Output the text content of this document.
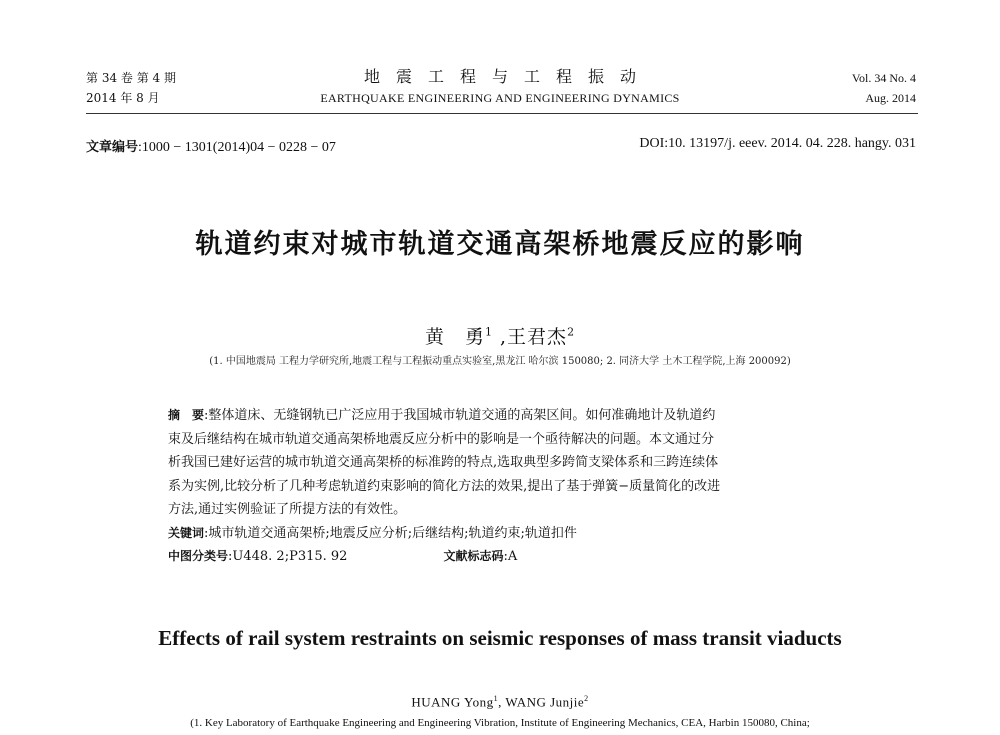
第 34 卷 第 4 期
2014 年 8 月
地震工程与工程振动
EARTHQUAKE ENGINEERING AND ENGINEERING DYNAMICS
Vol. 34 No. 4
Aug. 2014
文章编号:1000 − 1301(2014)04 − 0228 − 07	DOI:10. 13197/j. eeev. 2014. 04. 228. hangy. 031
轨道约束对城市轨道交通高架桥地震反应的影响
黄　勇$^1$ ,王君杰$^2$
(1. 中国地震局 工程力学研究所,地震工程与工程振动重点实验室,黑龙江 哈尔滨 150080; 2. 同济大学 土木工程学院,上海 200092)
摘　要:整体道床、无缝钢轨已广泛应用于我国城市轨道交通的高架区间。如何准确地计及轨道约
束及后继结构在城市轨道交通高架桥地震反应分析中的影响是一个亟待解决的问题。本文通过分
析我国已建好运营的城市轨道交通高架桥的标准跨的特点,选取典型多跨简支梁体系和三跨连续体
系为实例,比较分析了几种考虑轨道约束影响的简化方法的效果,提出了基于弹簧−质量简化的改进
方法,通过实例验证了所提方法的有效性。
关键词:城市轨道交通高架桥;地震反应分析;后继结构;轨道约束;轨道扣件
中图分类号:U448. 2;P315. 92	文献标志码:A
Effects of rail system restraints on seismic responses of mass transit viaducts
HUANG Yong$^1$, WANG Junjie$^2$
(1. Key Laboratory of Earthquake Engineering and Engineering Vibration, Institute of Engineering Mechanics, CEA, Harbin 150080, China;
